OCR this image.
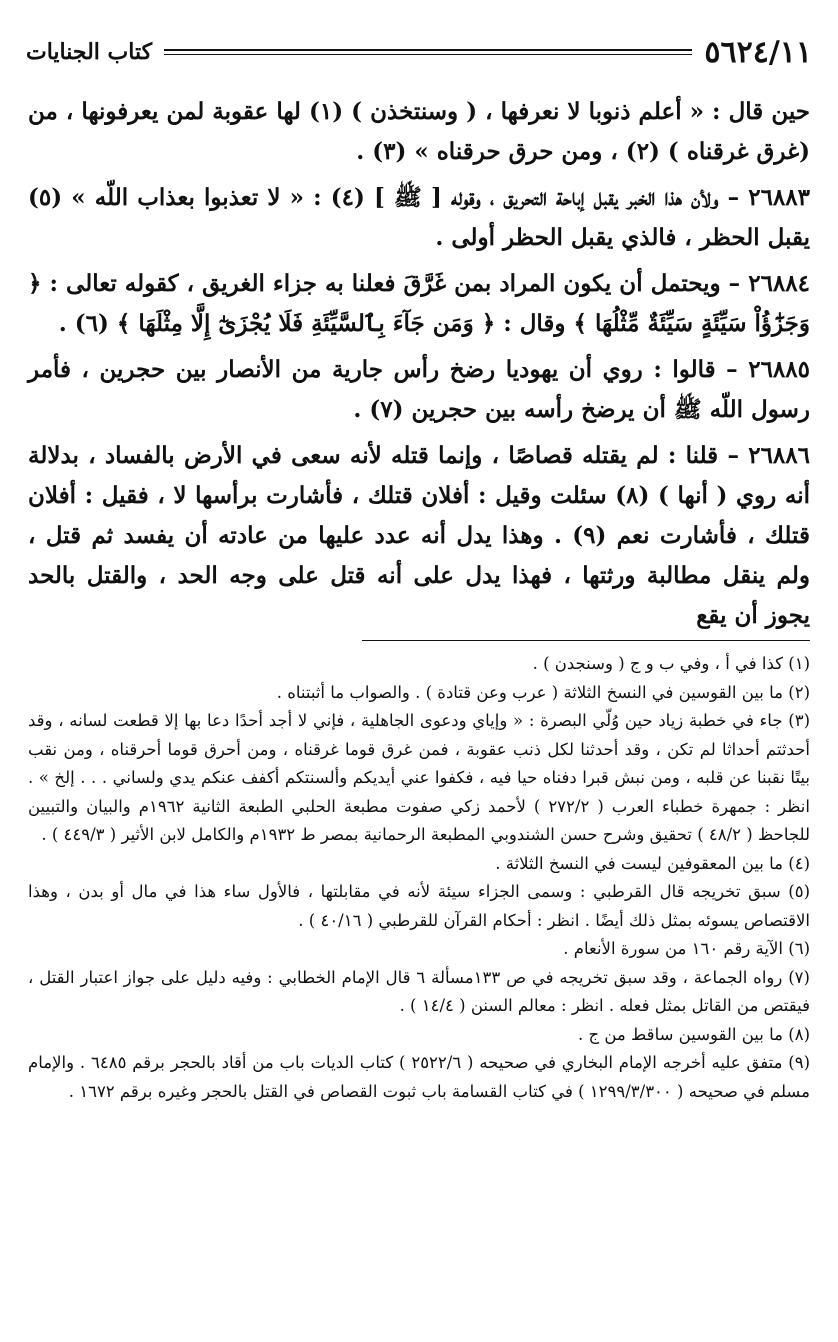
٥٦٢٤/١١
كتاب الجنايات

حين قال : « أعلم ذنوبا لا نعرفها ، ( وسنتخذن ) (١) لها عقوبة لمن يعرفونها ، من (غرق غرقناه ) (٢) ، ومن حرق حرقناه » (٣) .

٢٦٨٨٣ – ولأن هذا الخبر يقبل إباحة التحريق ، وقوله [ ﷺ ] (٤) : « لا تعذبوا بعذاب اللّه » (٥) يقبل الحظر ، فالذي يقبل الحظر أولى .

٢٦٨٨٤ – ويحتمل أن يكون المراد بمن غَرَّقَ فعلنا به جزاء الغريق ، كقوله تعالى : ﴿ وَجَزَٰٓؤُاْ سَيِّئَةٍ سَيِّئَةٌ مِّثْلُهَا ﴾ وقال : ﴿ وَمَن جَآءَ بِٱلسَّيِّئَةِ فَلَا يُجْزَىٰٓ إِلَّا مِثْلَهَا ﴾ (٦) .

٢٦٨٨٥ – قالوا : روي أن يهوديا رضخ رأس جارية من الأنصار بين حجرين ، فأمر رسول اللّه ﷺ أن يرضخ رأسه بين حجرين (٧) .

٢٦٨٨٦ – قلنا : لم يقتله قصاصًا ، وإنما قتله لأنه سعى في الأرض بالفساد ، بدلالة أنه روي ( أنها ) (٨) سئلت وقيل : أفلان قتلك ، فأشارت برأسها لا ، فقيل : أفلان قتلك ، فأشارت نعم (٩) . وهذا يدل أنه عدد عليها من عادته أن يفسد ثم قتل ، ولم ينقل مطالبة ورثتها ، فهذا يدل على أنه قتل على وجه الحد ، والقتل بالحد يجوز أن يقع

(١) كذا في أ ، وفي ب و ج ( وسنجدن ) .

(٢) ما بين القوسين في النسخ الثلاثة ( عرب وعن قتادة ) . والصواب ما أثبتناه .

(٣) جاء في خطبة زياد حين وُلّي البصرة : « وإياي ودعوى الجاهلية ، فإني لا أجد أحدًا دعا بها إلا قطعت لسانه ، وقد أحدثتم أحداثا لم تكن ، وقد أحدثنا لكل ذنب عقوبة ، فمن غرق قوما غرقناه ، ومن أحرق قوما أحرقناه ، ومن نقب بيتًا نقبنا عن قلبه ، ومن نبش قبرا دفناه حيا فيه ، فكفوا عني أيديكم وألسنتكم أكفف عنكم يدي ولساني . . . إلخ » . انظر : جمهرة خطباء العرب ( ٢٧٢/٢ ) لأحمد زكي صفوت مطبعة الحلبي الطبعة الثانية ١٩٦٢م والبيان والتبيين للجاحظ ( ٤٨/٢ ) تحقيق وشرح حسن الشندوبي المطبعة الرحمانية بمصر ط ١٩٣٢م والكامل لابن الأثير ( ٤٤٩/٣ ) .

(٤) ما بين المعقوفين ليست في النسخ الثلاثة .

(٥) سبق تخريجه قال القرطبي : وسمى الجزاء سيئة لأنه في مقابلتها ، فالأول ساء هذا في مال أو بدن ، وهذا الاقتصاص يسوئه بمثل ذلك أيضًا . انظر : أحكام القرآن للقرطبي ( ٤٠/١٦ ) .

(٦) الآية رقم ١٦٠ من سورة الأنعام .

(٧) رواه الجماعة ، وقد سبق تخريجه في ص ١٣٣مسألة ٦ قال الإمام الخطابي : وفيه دليل على جواز اعتبار القتل ، فيقتص من القاتل بمثل فعله . انظر : معالم السنن ( ١٤/٤ ) .

(٨) ما بين القوسين ساقط من ج .

(٩) متفق عليه أخرجه الإمام البخاري في صحيحه ( ٢٥٢٢/٦ ) كتاب الديات باب من أقاد بالحجر برقم ٦٤٨٥ . والإمام مسلم في صحيحه ( ١٢٩٩/٣/٣٠٠ ) في كتاب القسامة باب ثبوت القصاص في القتل بالحجر وغيره برقم ١٦٧٢ .
